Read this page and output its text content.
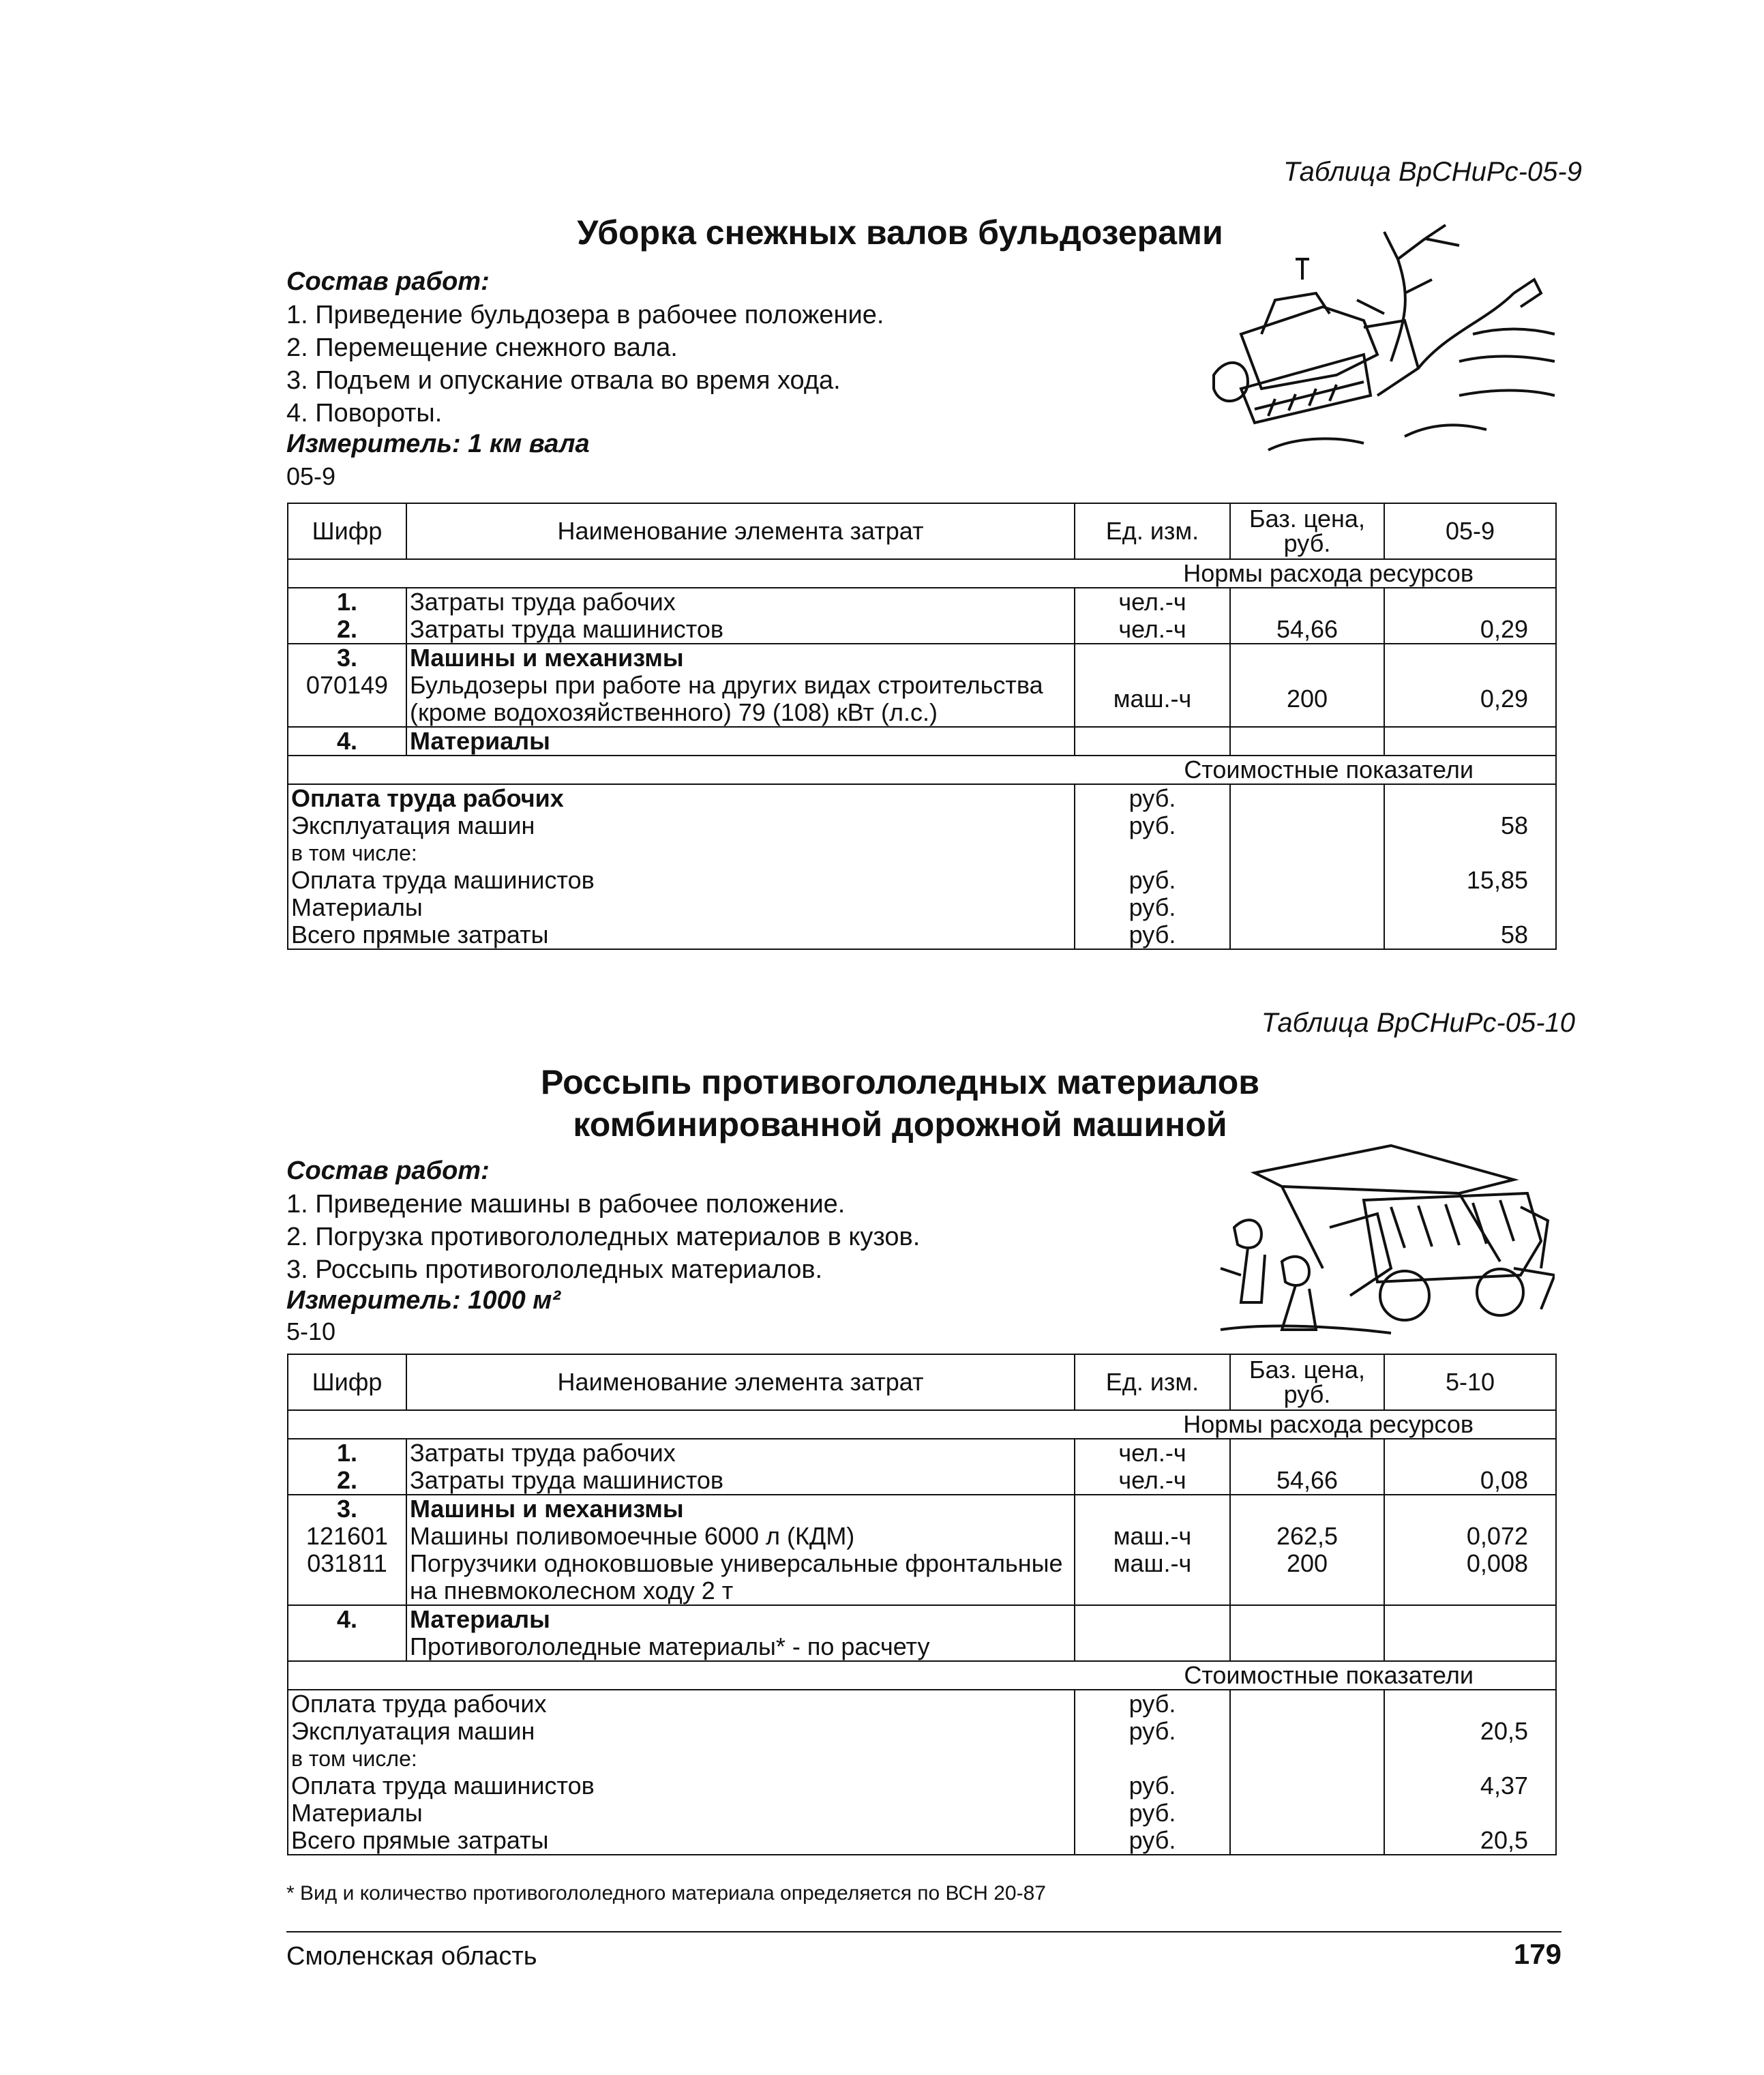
Таблица ВрСНиРс-05-9
Уборка снежных валов бульдозерами
Состав работ:
1. Приведение бульдозера в рабочее положение.
2. Перемещение снежного вала.
3. Подъем и опускание отвала во время хода.
4. Повороты.
Измеритель: 1 км вала
05-9
Шифр	Наименование элемента затрат	Ед. изм.	Баз. цена, руб.	05-9
Нормы расхода ресурсов				
1.	Затраты труда рабочих	чел.-ч		
2.	Затраты труда машинистов	чел.-ч	54,66	0,29
3.	Машины и механизмы			
070149	Бульдозеры при работе на других видах строительства (кроме водохозяйственного) 79 (108) кВт (л.с.)	маш.-ч	200	0,29
4.	Материалы			
Стоимостные показатели				
Оплата труда рабочих		руб.		
Эксплуатация машин		руб.		58
в том числе:				
Оплата труда машинистов		руб.		15,85
Материалы		руб.		
Всего прямые затраты		руб.		58
Таблица ВрСНиРс-05-10
Россыпь противогололедных материалов
комбинированной дорожной машиной
Состав работ:
1. Приведение машины в рабочее положение.
2. Погрузка противогололедных материалов в кузов.
3. Россыпь противогололедных материалов.
Измеритель: 1000 м²
5-10
Шифр	Наименование элемента затрат	Ед. изм.	Баз. цена, руб.	5-10
Нормы расхода ресурсов				
1.	Затраты труда рабочих	чел.-ч		
2.	Затраты труда машинистов	чел.-ч	54,66	0,08
3.	Машины и механизмы			
121601	Машины поливомоечные 6000 л (КДМ)	маш.-ч	262,5	0,072
031811	Погрузчики одноковшовые универсальные фронтальные на пневмоколесном ходу 2 т	маш.-ч	200	0,008
4.	Материалы			
	Противогололедные материалы* - по расчету			
Стоимостные показатели				
Оплата труда рабочих		руб.		
Эксплуатация машин		руб.		20,5
в том числе:				
Оплата труда машинистов		руб.		4,37
Материалы		руб.		
Всего прямые затраты		руб.		20,5
* Вид и количество противогололедного материала определяется по ВСН 20-87
Смоленская область	179
